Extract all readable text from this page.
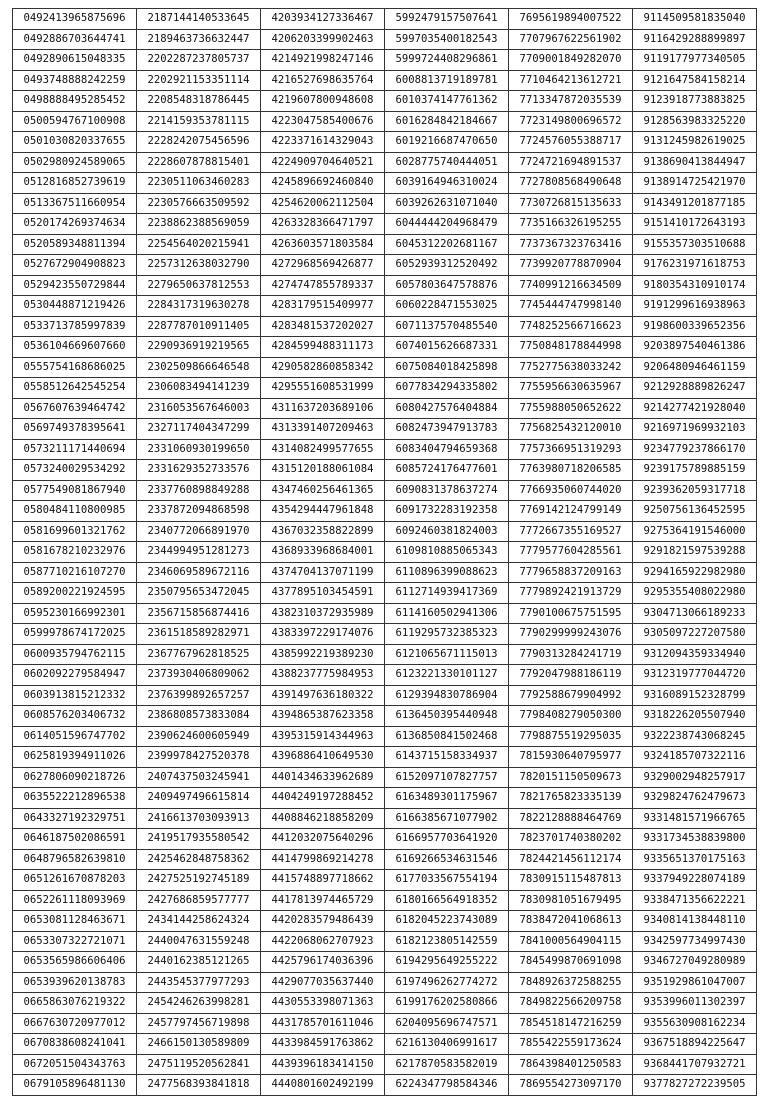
0492413965875696	2187144140533645	4203934127336467	5992479157507641	7695619894007522	9114509581835040
0492886703644741	2189463736632447	4206203399902463	5997035400182543	7707967622561902	9116429288899897
0492890615048335	2202287237805737	4214921998247146	5999724408296861	7709001849282070	9119177977340505
0493748888242259	2202921153351114	4216527698635764	6008813719189781	7710464213612721	9121647584158214
0498888495285452	2208548318786445	4219607800948608	6010374147761362	7713347872035539	9123918773883825
0500594767100908	2214159353781115	4223047585400676	6016284842184667	7723149800696572	9128563983325220
0501030820337655	2228242075456596	4223371614329043	6019216687470650	7724576055388717	9131245982619025
0502980924589065	2228607878815401	4224909704640521	6028775740444051	7724721694891537	9138690413844947
0512816852739619	2230511063460283	4245896692460840	6039164946310024	7727808568490648	9138914725421970
0513367511660954	2230576663509592	4254620062112504	6039262631071040	7730726815135633	9143491201877185
0520174269374634	2238862388569059	4263328366471797	6044444204968479	7735166326195255	9151410172643193
0520589348811394	2254564020215941	4263603571803584	6045312202681167	7737367323763416	9155357303510688
0527672904908823	2257312638032790	4272968569426877	6052939312520492	7739920778870904	9176231971618753
0529423550729844	2279650637812553	4274747855789337	6057803647578876	7740991216634509	9180354310910174
0530448871219426	2284317319630278	4283179515409977	6060228471553025	7745444747998140	9191299616938963
0533713785997839	2287787010911405	4283481537202027	6071137570485540	7748252566716623	9198600339652356
0536104669607660	2290936919219565	4284599488311173	6074015626687331	7750848178844998	9203897540461386
0555754168686025	2302509866646548	4290582860858342	6075084018425898	7752775638033242	9206480946461159
0558512642545254	2306083494141239	4295551608531999	6077834294335802	7755956630635967	9212928889826247
0567607639464742	2316053567646003	4311637203689106	6080427576404884	7755988050652622	9214277421928040
0569749378395641	2327117404347299	4313391407209463	6082473947913783	7756825432120010	9216971969932103
0573211171440694	2331060930199650	4314082499577655	6083404794659368	7757366951319293	9234779237866170
0573240029534292	2331629352733576	4315120188061084	6085724176477601	7763980718206585	9239175789885159
0577549081867940	2337760898849288	4347460256461365	6090831378637274	7766935060744020	9239362059317718
0580484110800985	2337872094868598	4354294447961848	6091732283192358	7769142124799149	9250756136452595
0581699601321762	2340772066891970	4367032358822899	6092460381824003	7772667355169527	9275364191546000
0581678210232976	2344994951281273	4368933968684001	6109810885065343	7779577604285561	9291821597539288
0587710216107270	2346069589672116	4374704137071199	6110896399088623	7779658837209163	9294165922982980
0589200221924595	2350795653472045	4377895103454591	6112714939417369	7779892421913729	9295355408022980
0595230166992301	2356715856874416	4382310372935989	6114160502941306	7790100675751595	9304713066189233
0599978674172025	2361518589282971	4383397229174076	6119295732385323	7790299999243076	9305097227207580
0600935794762115	2367767962818525	4385992219389230	6121065671115013	7790313284241719	9312094359334940
0602092279584947	2373930406809062	4388237775984953	6123221330101127	7792047988186119	9312319777044720
0603913815212332	2376399892657257	4391497636180322	6129394830786904	7792588679904992	9316089152328799
0608576203406732	2386808573833084	4394865387623358	6136450395440948	7798408279050300	9318226205507940
0614051596747702	2390624600605949	4395315914344963	6136850841502468	7798875519295035	9322238743068245
0625819394911026	2399978427520378	4396886410649530	6143715158334937	7815930640795977	9324185707322116
0627806090218726	2407437503245941	4401434633962689	6152097107827757	7820151150509673	9329002948257917
0635522212896538	2409497496615814	4404249197288452	6163489301175967	7821765823335139	9329824762479673
0643327192329751	2416613703093913	4408846218858209	6166385671077902	7822128888464769	9331481571966765
0646187502086591	2419517935580542	4412032075640296	6166957703641920	7823701740380202	9331734538839800
0648796582639810	2425462848758362	4414799869214278	6169266534631546	7824421456112174	9335651370175163
0651261670878203	2427525192745189	4415748897718662	6177033567554194	7830915115487813	9337949228074189
0652261118093969	2427686859577777	4417813974465729	6180166564918352	7830981051679495	9338471356622221
0653081128463671	2434144258624324	4420283579486439	6182045223743089	7838472041068613	9340814138448110
0653307322721071	2440047631559248	4422068062707923	6182123805142559	7841000564904115	9342597734997430
0653565986606406	2440162385121265	4425796174036396	6194295649255222	7845499870691098	9346727049280989
0653939620138783	2443545377977293	4429077035637440	6197496262774272	7848926372588255	9351929861047007
0665863076219322	2454246263998281	4430553398071363	6199176202580866	7849822566209758	9353996011302397
0667630720977012	2457797456719898	4431785701611046	6204095696747571	7854518147216259	9355630908162234
0670838608241041	2466150130589809	4433984591763862	6216130406991617	7855422559173624	9367518894225647
0672051504343763	2475119520562841	4439396183414150	6217870583582019	7864398401250583	9368441707932721
0679105896481130	2477568393841818	4440801602492199	6224347798584346	7869554273097170	9377827272239505
